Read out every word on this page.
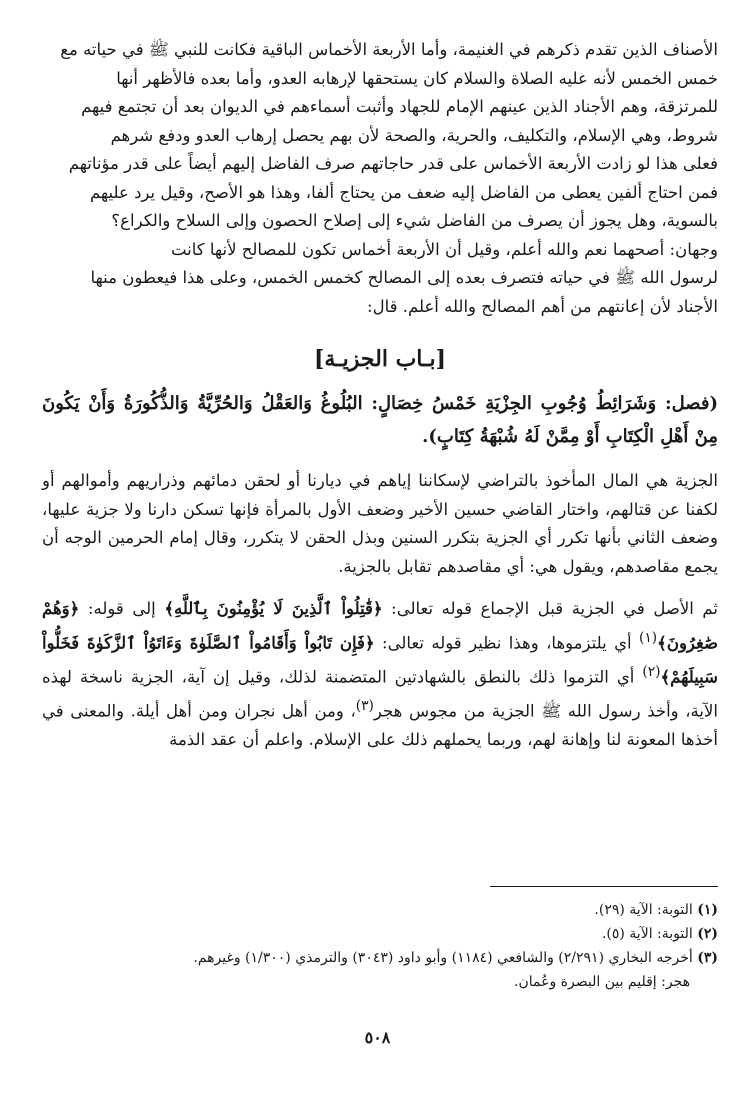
الأصناف الذين تقدم ذكرهم في الغنيمة، وأما الأربعة الأخماس الباقية فكانت للنبي ﷺ في حياته مع

خمس الخمس لأنه عليه الصلاة والسلام كان يستحقها لإرهابه العدو، وأما بعده فالأظهر أنها

للمرتزقة، وهم الأجناد الذين عينهم الإمام للجهاد وأثبت أسماءهم في الديوان بعد أن تجتمع فيهم

شروط، وهي الإسلام، والتكليف، والحرية، والصحة لأن بهم يحصل إرهاب العدو ودفع شرهم

فعلى هذا لو زادت الأربعة الأخماس على قدر حاجاتهم صرف الفاضل إليهم أيضاً على قدر مؤناتهم

فمن احتاج ألفين يعطى من الفاضل إليه ضعف من يحتاج ألفا، وهذا هو الأصح، وقيل يرد عليهم

بالسوية، وهل يجوز أن يصرف من الفاضل شيء إلى إصلاح الحصون وإلى السلاح والكراع؟

وجهان: أصحهما نعم والله أعلم، وقيل أن الأربعة أخماس تكون للمصالح لأنها كانت

لرسول الله ﷺ في حياته فتصرف بعده إلى المصالح كخمس الخمس، وعلى هذا فيعطون منها

الأجناد لأن إعانتهم من أهم المصالح والله أعلم. قال:

[بـاب الجزيـة]

(فصل: وَشَرَائِطُ وُجُوبِ الجِزْيَةِ خَمْسُ خِصَالٍ: البُلُوغُ وَالعَقْلُ وَالحُرِّيَّةُ وَالذُّكُورَةُ وَأَنْ يَكُونَ مِنْ أَهْلِ الْكِتَابِ أَوْ مِمَّنْ لَهُ شُبْهَةُ كِتَابٍ).

الجزية هي المال المأخوذ بالتراضي لإسكاننا إياهم في ديارنا أو لحقن دمائهم وذراريهم وأموالهم أو لكفنا عن قتالهم، واختار القاضي حسين الأخير وضعف الأول بالمرأة فإنها تسكن دارنا ولا جزية عليها، وضعف الثاني بأنها تكرر أي الجزية بتكرر السنين وبذل الحقن لا يتكرر، وقال إمام الحرمين الوجه أن يجمع مقاصدهم، ويقول هي: أي مقاصدهم تقابل بالجزية.

ثم الأصل في الجزية قبل الإجماع قوله تعالى: ﴿قَٰتِلُواْ ٱلَّذِينَ لَا يُؤْمِنُونَ بِٱللَّهِ﴾ إلى قوله: ﴿وَهُمْ صَٰغِرُونَ﴾$^{(١)}$ أي يلتزموها، وهذا نظير قوله تعالى: ﴿فَإِن تَابُواْ وَأَقَامُواْ ٱلصَّلَوٰةَ وَءَاتَوُاْ ٱلزَّكَوٰةَ فَخَلُّواْ سَبِيلَهُمْ﴾$^{(٢)}$ أي التزموا ذلك بالنطق بالشهادتين المتضمنة لذلك، وقيل إن آية، الجزية ناسخة لهذه الآية، وأخذ رسول الله ﷺ الجزية من مجوس هجر$^{(٣)}$، ومن أهل نجران ومن أهل أيلة. والمعنى في أخذها المعونة لنا وإهانة لهم، وربما يحملهم ذلك على الإسلام. واعلم أن عقد الذمة

(١) التوبة: الآية (٢٩).

(٢) التوبة: الآية (٥).

(٣) أخرجه البخاري (٢/٢٩١) والشافعي (١١٨٤) وأبو داود (٣٠٤٣) والترمذي (١/٣٠٠) وغيرهم.

هجر: إقليم بين البصرة وعُمان.

٥٠٨
